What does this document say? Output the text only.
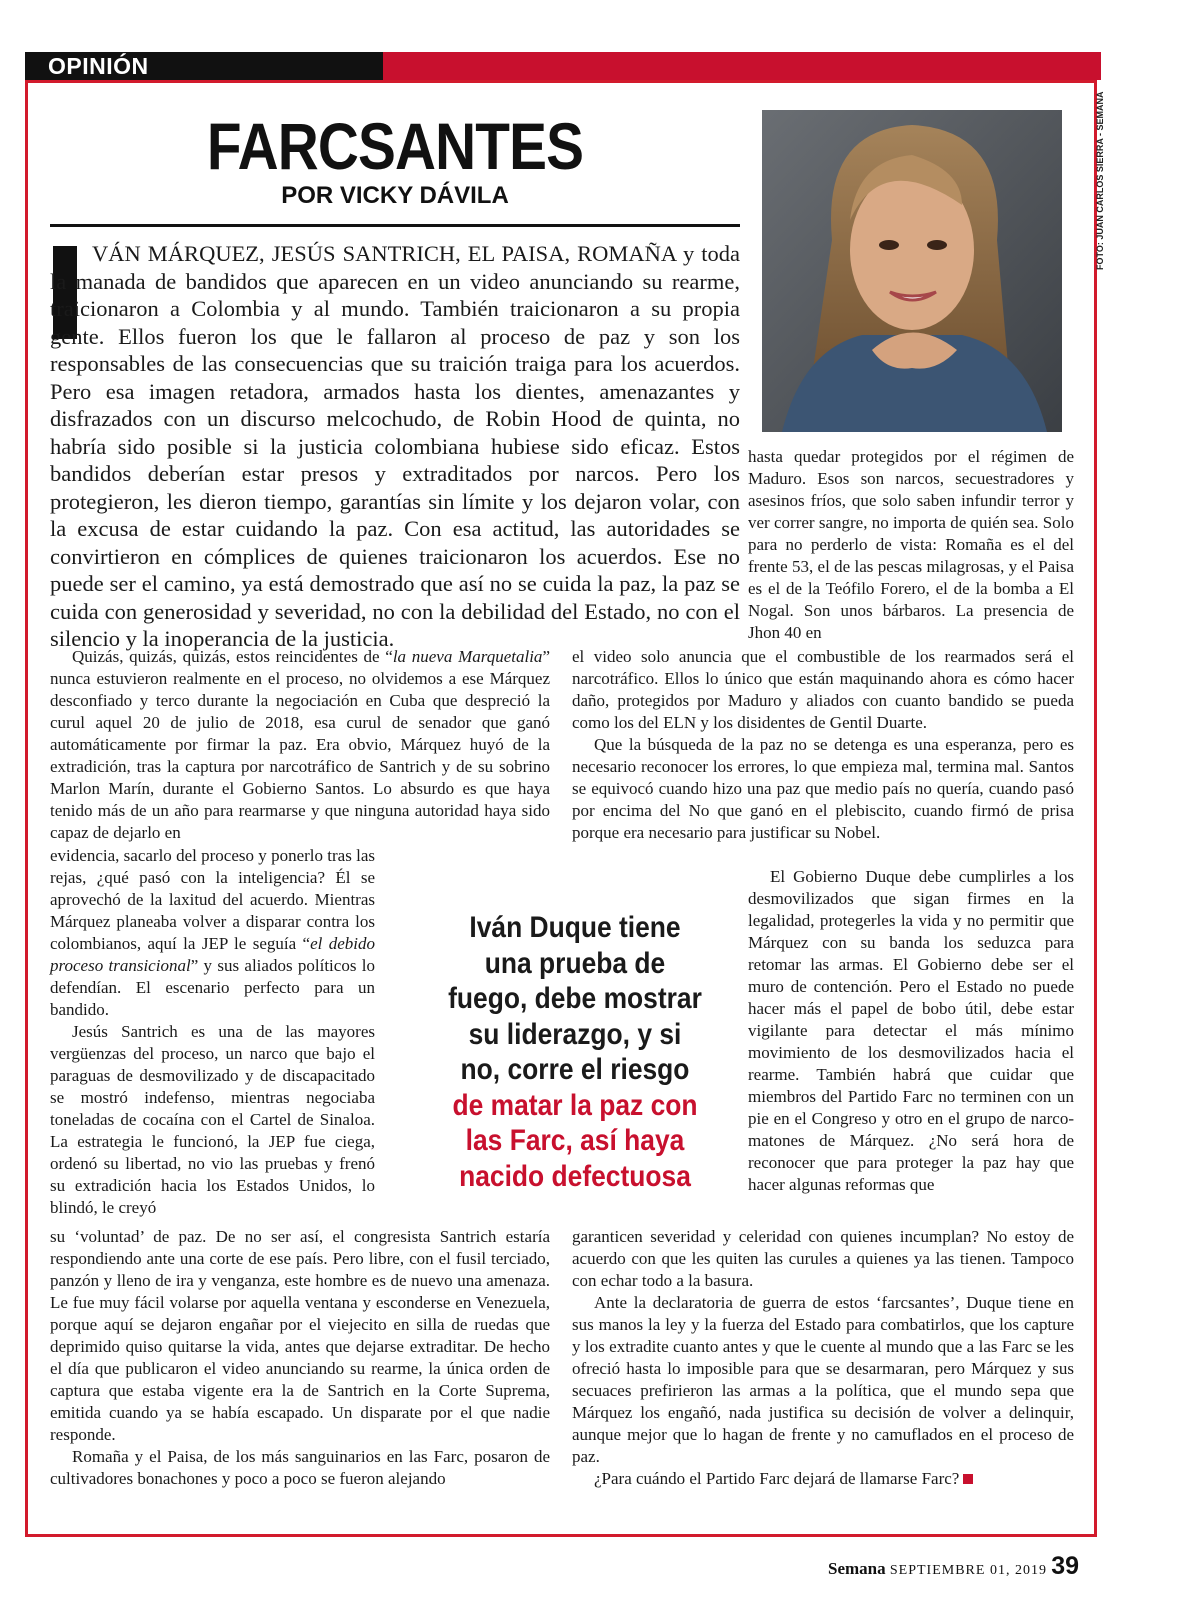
OPINIÓN
FARCSANTES
POR VICKY DÁVILA	FOTO: JUAN CARLOS SIERRA - SEMANA

VÁN MÁRQUEZ, JESÚS SANTRICH, EL PAISA, ROMAÑA y toda la manada de bandidos que aparecen en un video anunciando su rearme, traicionaron a Colombia y al mundo. También traicionaron a su propia gente. Ellos fueron los que le fallaron al proceso de paz y son los responsables de las consecuencias que su traición traiga para los acuerdos. Pero esa imagen retadora, armados hasta los dientes, amenazantes y disfrazados con un discurso melcochudo, de Robin Hood de quinta, no habría sido posible si la justicia colombiana hubiese sido eficaz. Estos bandidos deberían estar presos y extraditados por narcos. Pero los protegieron, les dieron tiempo, garantías sin límite y los dejaron volar, con la excusa de estar cuidando la paz. Con esa actitud, las autoridades se convirtieron en cómplices de quienes traicionaron los acuerdos. Ese no puede ser el camino, ya está demostrado que así no se cuida la paz, la paz se cuida con generosidad y severidad, no con la debilidad del Estado, no con el silencio y la inoperancia de la justicia.

hasta quedar protegidos por el régimen de Maduro. Esos son narcos, secuestradores y asesinos fríos, que solo saben infundir terror y ver correr sangre, no importa de quién sea. Solo para no perderlo de vista: Romaña es el del frente 53, el de las pescas milagrosas, y el Paisa es el de la Teófilo Forero, el de la bomba a El Nogal. Son unos bárbaros. La presencia de Jhon 40 en

Quizás, quizás, quizás, estos reincidentes de “la nueva Marquetalia” nunca estuvieron realmente en el proceso, no olvidemos a ese Márquez desconfiado y terco durante la negociación en Cuba que despreció la curul aquel 20 de julio de 2018, esa curul de senador que ganó automáticamente por firmar la paz. Era obvio, Márquez huyó de la extradición, tras la captura por narcotráfico de Santrich y de su sobrino Marlon Marín, durante el Gobierno Santos. Lo absurdo es que haya tenido más de un año para rearmarse y que ninguna autoridad haya sido capaz de dejarlo en

evidencia, sacarlo del proceso y ponerlo tras las rejas, ¿qué pasó con la inteligencia? Él se aprovechó de la laxitud del acuerdo. Mientras Márquez planeaba volver a disparar contra los colombianos, aquí la JEP le seguía “el debido proceso transicional” y sus aliados políticos lo defendían. El escenario perfecto para un bandido.

Jesús Santrich es una de las mayores vergüenzas del proceso, un narco que bajo el paraguas de desmovilizado y de discapacitado se mostró indefenso, mientras negociaba toneladas de cocaína con el Cartel de Sinaloa. La estrategia le funcionó, la JEP fue ciega, ordenó su libertad, no vio las pruebas y frenó su extradición hacia los Estados Unidos, lo blindó, le creyó

su ‘voluntad’ de paz. De no ser así, el congresista Santrich estaría respondiendo ante una corte de ese país. Pero libre, con el fusil terciado, panzón y lleno de ira y venganza, este hombre es de nuevo una amenaza. Le fue muy fácil volarse por aquella ventana y esconderse en Venezuela, porque aquí se dejaron engañar por el viejecito en silla de ruedas que deprimido quiso quitarse la vida, antes que dejarse extraditar. De hecho el día que publicaron el video anunciando su rearme, la única orden de captura que estaba vigente era la de Santrich en la Corte Suprema, emitida cuando ya se había escapado. Un disparate por el que nadie responde.

Romaña y el Paisa, de los más sanguinarios en las Farc, posaron de cultivadores bonachones y poco a poco se fueron alejando

el video solo anuncia que el combustible de los rearmados será el narcotráfico. Ellos lo único que están maquinando ahora es cómo hacer daño, protegidos por Maduro y aliados con cuanto bandido se pueda como los del ELN y los disidentes de Gentil Duarte.

Que la búsqueda de la paz no se detenga es una esperanza, pero es necesario reconocer los errores, lo que empieza mal, termina mal. Santos se equivocó cuando hizo una paz que medio país no quería, cuando pasó por encima del No que ganó en el plebiscito, cuando firmó de prisa porque era necesario para justificar su Nobel.

El Gobierno Duque debe cumplirles a los desmovilizados que sigan firmes en la legalidad, protegerles la vida y no permitir que Márquez con su banda los seduzca para retomar las armas. El Gobierno debe ser el muro de contención. Pero el Estado no puede hacer más el papel de bobo útil, debe estar vigilante para detectar el más mínimo movimiento de los desmovilizados hacia el rearme. También habrá que cuidar que miembros del Partido Farc no terminen con un pie en el Congreso y otro en el grupo de narco-matones de Márquez. ¿No será hora de reconocer que para proteger la paz hay que hacer algunas reformas que

garanticen severidad y celeridad con quienes incumplan? No estoy de acuerdo con que les quiten las curules a quienes ya las tienen. Tampoco con echar todo a la basura.

Ante la declaratoria de guerra de estos ‘farcsantes’, Duque tiene en sus manos la ley y la fuerza del Estado para combatirlos, que los capture y los extradite cuanto antes y que le cuente al mundo que a las Farc se les ofreció hasta lo imposible para que se desarmaran, pero Márquez y sus secuaces prefirieron las armas a la política, que el mundo sepa que Márquez los engañó, nada justifica su decisión de volver a delinquir, aunque mejor que lo hagan de frente y no camuflados en el proceso de paz.

¿Para cuándo el Partido Farc dejará de llamarse Farc?

Iván Duque tiene una prueba de fuego, debe mostrar su liderazgo, y si no, corre el riesgo de matar la paz con las Farc, así haya nacido defectuosa
Semana SEPTIEMBRE 01, 2019 39
